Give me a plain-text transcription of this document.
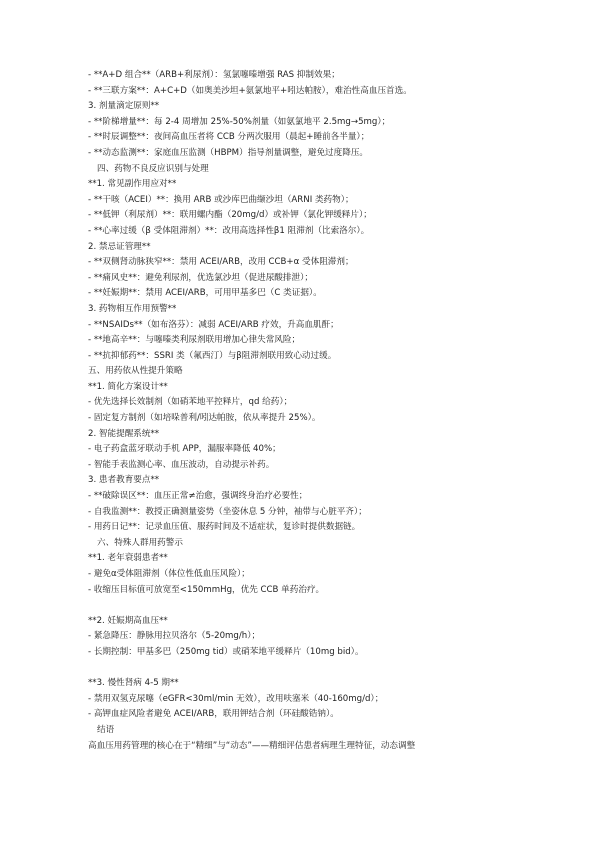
- **A+D 组合**（ARB+利尿剂）：氢氯噻嗪增强 RAS 抑制效果；
- **三联方案**：A+C+D（如奥美沙坦+氨氯地平+吲达帕胺），难治性高血压首选。
3. 剂量滴定原则**
- **阶梯增量**：每 2-4 周增加 25%-50%剂量（如氨氯地平 2.5mg→5mg）；
- **时辰调整**：夜间高血压者将 CCB 分两次服用（晨起+睡前各半量）；
- **动态监测**：家庭血压监测（HBPM）指导剂量调整，避免过度降压。
四、药物不良反应识别与处理
**1. 常见副作用应对**
- **干咳（ACEI）**：换用 ARB 或沙库巴曲缬沙坦（ARNI 类药物）；
- **低钾（利尿剂）**：联用螺内酯（20mg/d）或补钾（氯化钾缓释片）；
- **心率过缓（β 受体阻滞剂）**：改用高选择性β1 阻滞剂（比索洛尔）。
2. 禁忌证管理**
- **双侧肾动脉狭窄**：禁用 ACEI/ARB，改用 CCB+α 受体阻滞剂；
- **痛风史**：避免利尿剂，优选氯沙坦（促进尿酸排泄）；
- **妊娠期**：禁用 ACEI/ARB，可用甲基多巴（C 类证据）。
3. 药物相互作用预警**
- **NSAIDs**（如布洛芬）：减弱 ACEI/ARB 疗效，升高血肌酐；
- **地高辛**：与噻嗪类利尿剂联用增加心律失常风险；
- **抗抑郁药**：SSRI 类（氟西汀）与β阻滞剂联用致心动过缓。
五、用药依从性提升策略
**1. 简化方案设计**
- 优先选择长效制剂（如硝苯地平控释片，qd 给药）；
- 固定复方制剂（如培哚普利/吲达帕胺，依从率提升 25%）。
2. 智能提醒系统**
- 电子药盒蓝牙联动手机 APP，漏服率降低 40%；
- 智能手表监测心率、血压波动，自动提示补药。
3. 患者教育要点**
- **破除误区**：血压正常≠治愈，强调终身治疗必要性；
- 自我监测**：教授正确测量姿势（坐姿休息 5 分钟，袖带与心脏平齐）；
- 用药日记**：记录血压值、服药时间及不适症状，复诊时提供数据链。
六、特殊人群用药警示
**1. 老年衰弱患者**
- 避免α受体阻滞剂（体位性低血压风险）；
- 收缩压目标值可放宽至<150mmHg，优先 CCB 单药治疗。
**2. 妊娠期高血压**
- 紧急降压：静脉用拉贝洛尔（5-20mg/h）；
- 长期控制：甲基多巴（250mg tid）或硝苯地平缓释片（10mg bid）。
**3. 慢性肾病 4-5 期**
- 禁用双氢克尿噻（eGFR<30ml/min 无效），改用呋塞米（40-160mg/d）；
- 高钾血症风险者避免 ACEI/ARB，联用钾结合剂（环硅酸锆钠）。
结语
高血压用药管理的核心在于“精细”与“动态”——精细评估患者病理生理特征，动态调整
